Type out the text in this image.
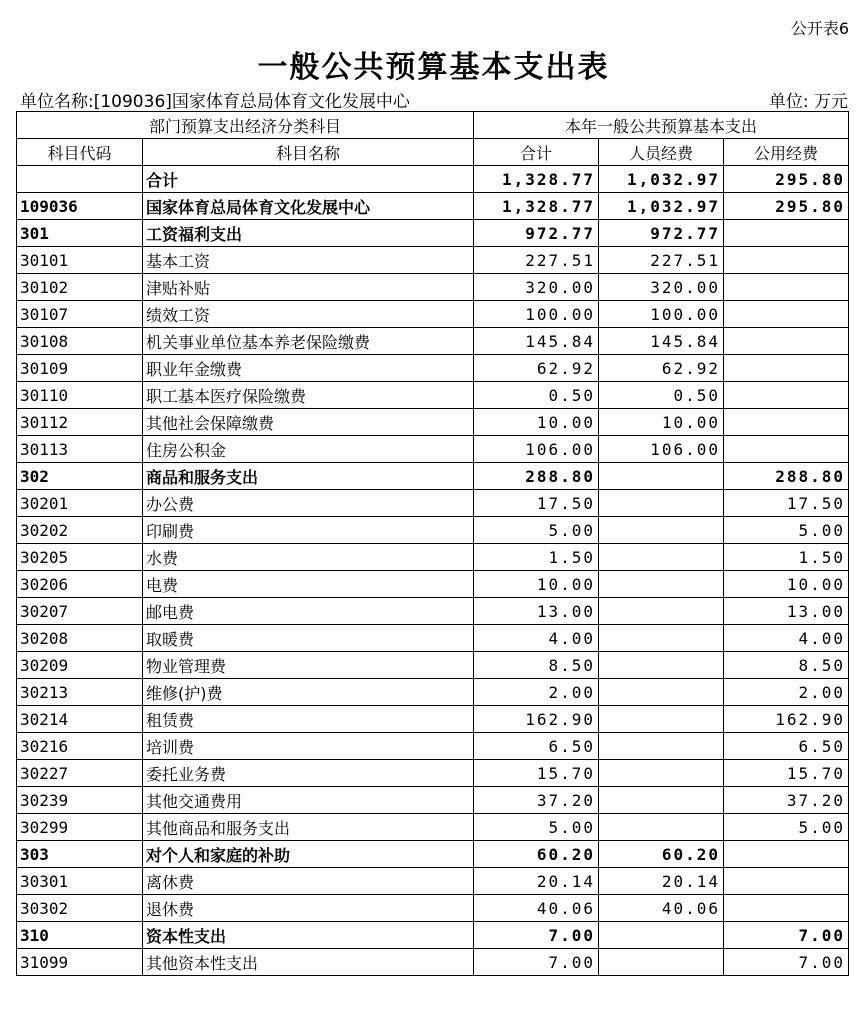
公开表6
一般公共预算基本支出表
单位名称:[109036]国家体育总局体育文化发展中心	单位: 万元
部门预算支出经济分类科目		本年一般公共预算基本支出		
科目代码	科目名称	合计	人员经费	公用经费
	合计	1,328.77	1,032.97	295.80
109036	国家体育总局体育文化发展中心	1,328.77	1,032.97	295.80
301	工资福利支出	972.77	972.77	
30101	基本工资	227.51	227.51	
30102	津贴补贴	320.00	320.00	
30107	绩效工资	100.00	100.00	
30108	机关事业单位基本养老保险缴费	145.84	145.84	
30109	职业年金缴费	62.92	62.92	
30110	职工基本医疗保险缴费	0.50	0.50	
30112	其他社会保障缴费	10.00	10.00	
30113	住房公积金	106.00	106.00	
302	商品和服务支出	288.80		288.80
30201	办公费	17.50		17.50
30202	印刷费	5.00		5.00
30205	水费	1.50		1.50
30206	电费	10.00		10.00
30207	邮电费	13.00		13.00
30208	取暖费	4.00		4.00
30209	物业管理费	8.50		8.50
30213	维修(护)费	2.00		2.00
30214	租赁费	162.90		162.90
30216	培训费	6.50		6.50
30227	委托业务费	15.70		15.70
30239	其他交通费用	37.20		37.20
30299	其他商品和服务支出	5.00		5.00
303	对个人和家庭的补助	60.20	60.20	
30301	离休费	20.14	20.14	
30302	退休费	40.06	40.06	
310	资本性支出	7.00		7.00
31099	其他资本性支出	7.00		7.00
